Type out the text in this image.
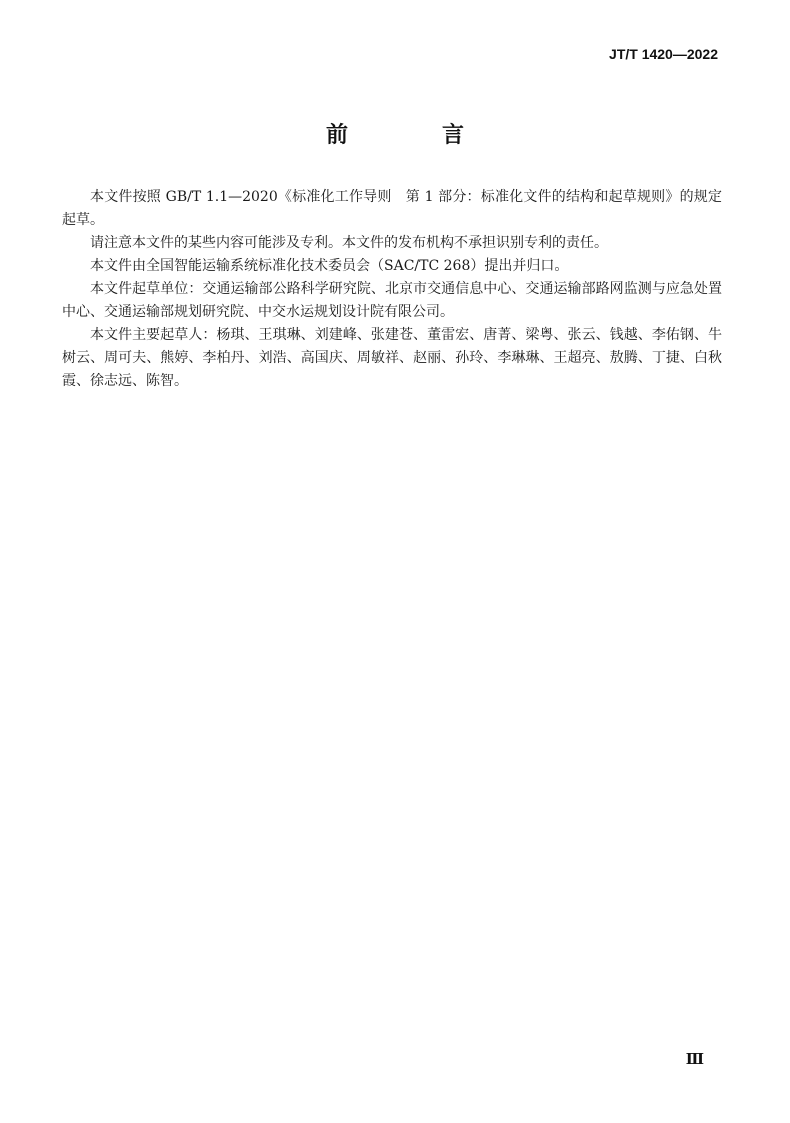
JT/T 1420—2022
前　言

本文件按照 GB/T 1.1—2020《标准化工作导则　第 1 部分：标准化文件的结构和起草规则》的规定起草。

请注意本文件的某些内容可能涉及专利。本文件的发布机构不承担识别专利的责任。

本文件由全国智能运输系统标准化技术委员会（SAC/TC 268）提出并归口。

本文件起草单位：交通运输部公路科学研究院、北京市交通信息中心、交通运输部路网监测与应急处置中心、交通运输部规划研究院、中交水运规划设计院有限公司。

本文件主要起草人：杨琪、王琪琳、刘建峰、张建苍、董雷宏、唐菁、梁粤、张云、钱越、李佑钢、牛树云、周可夫、熊婷、李柏丹、刘浩、高国庆、周敏祥、赵丽、孙玲、李琳琳、王超亮、敖腾、丁捷、白秋霞、徐志远、陈智。

Ⅲ
